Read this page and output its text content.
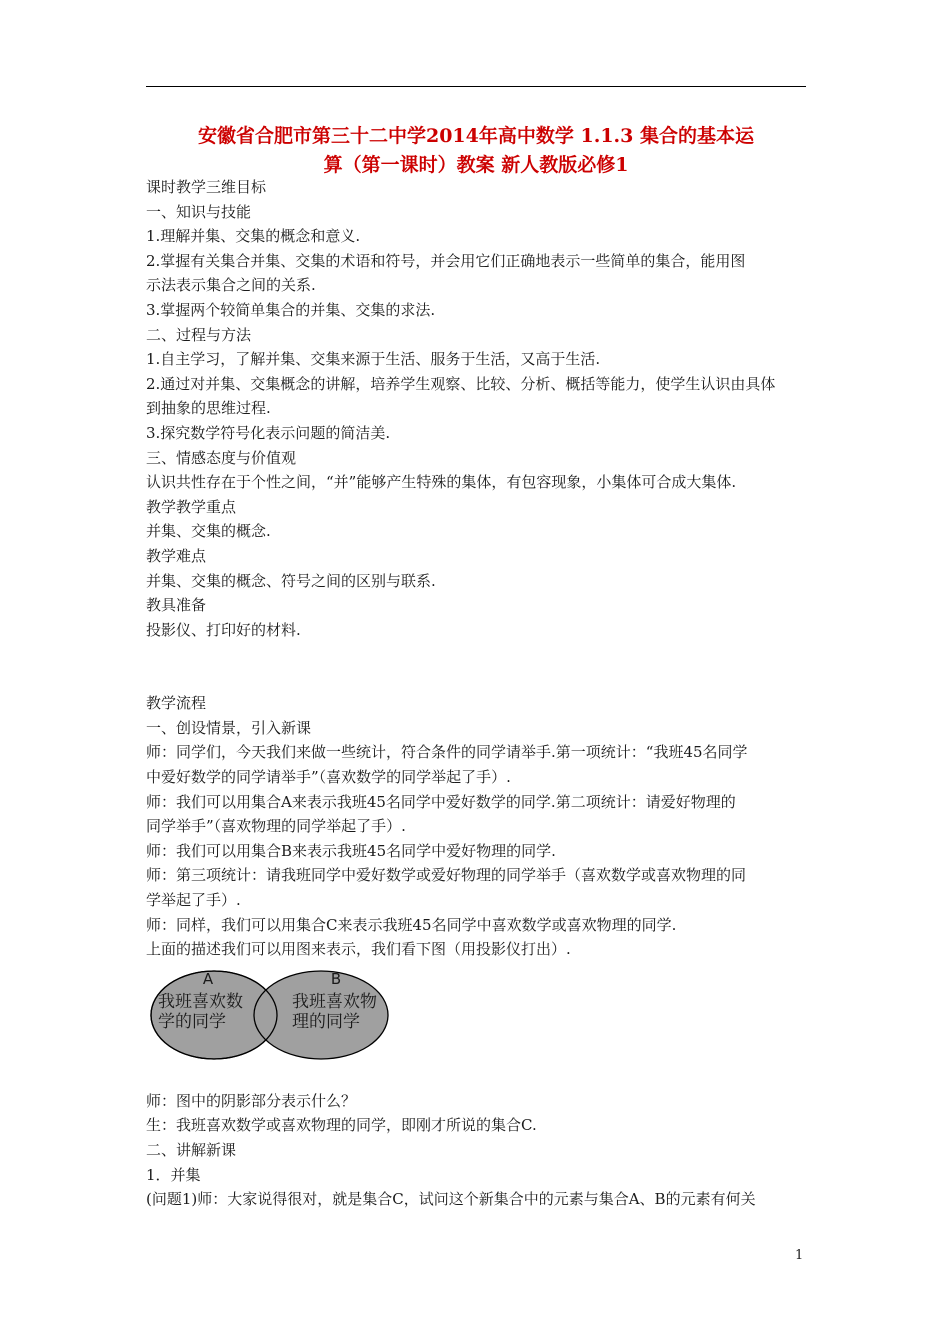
安徽省合肥市第三十二中学2014年高中数学 1.1.3 集合的基本运
算（第一课时）教案 新人教版必修1

课时教学三维目标

一、知识与技能

1.理解并集、交集的概念和意义.

2.掌握有关集合并集、交集的术语和符号，并会用它们正确地表示一些简单的集合，能用图

示法表示集合之间的关系.

3.掌握两个较简单集合的并集、交集的求法.

二、过程与方法

1.自主学习，了解并集、交集来源于生活、服务于生活，又高于生活.

2.通过对并集、交集概念的讲解，培养学生观察、比较、分析、概括等能力，使学生认识由具体

到抽象的思维过程.

3.探究数学符号化表示问题的简洁美.

三、情感态度与价值观

认识共性存在于个性之间，“并”能够产生特殊的集体，有包容现象，小集体可合成大集体.

教学教学重点

并集、交集的概念.

教学难点

并集、交集的概念、符号之间的区别与联系.

教具准备

投影仪、打印好的材料.

教学流程

一、创设情景，引入新课

师：同学们，今天我们来做一些统计，符合条件的同学请举手.第一项统计：“我班45名同学

中爱好数学的同学请举手”（喜欢数学的同学举起了手）.

师：我们可以用集合A来表示我班45名同学中爱好数学的同学.第二项统计：请爱好物理的

同学举手”（喜欢物理的同学举起了手）.

师：我们可以用集合B来表示我班45名同学中爱好物理的同学.

师：第三项统计：请我班同学中爱好数学或爱好物理的同学举手（喜欢数学或喜欢物理的同

学举起了手）.

师：同样，我们可以用集合C来表示我班45名同学中喜欢数学或喜欢物理的同学.

上面的描述我们可以用图来表示，我们看下图（用投影仪打出）.

A	B
我班喜欢数
学的同学
我班喜欢物
理的同学

师：图中的阴影部分表示什么？

生：我班喜欢数学或喜欢物理的同学，即刚才所说的集合C.

二、讲解新课

1．并集

(问题1)师：大家说得很对，就是集合C，试问这个新集合中的元素与集合A、B的元素有何关

1
